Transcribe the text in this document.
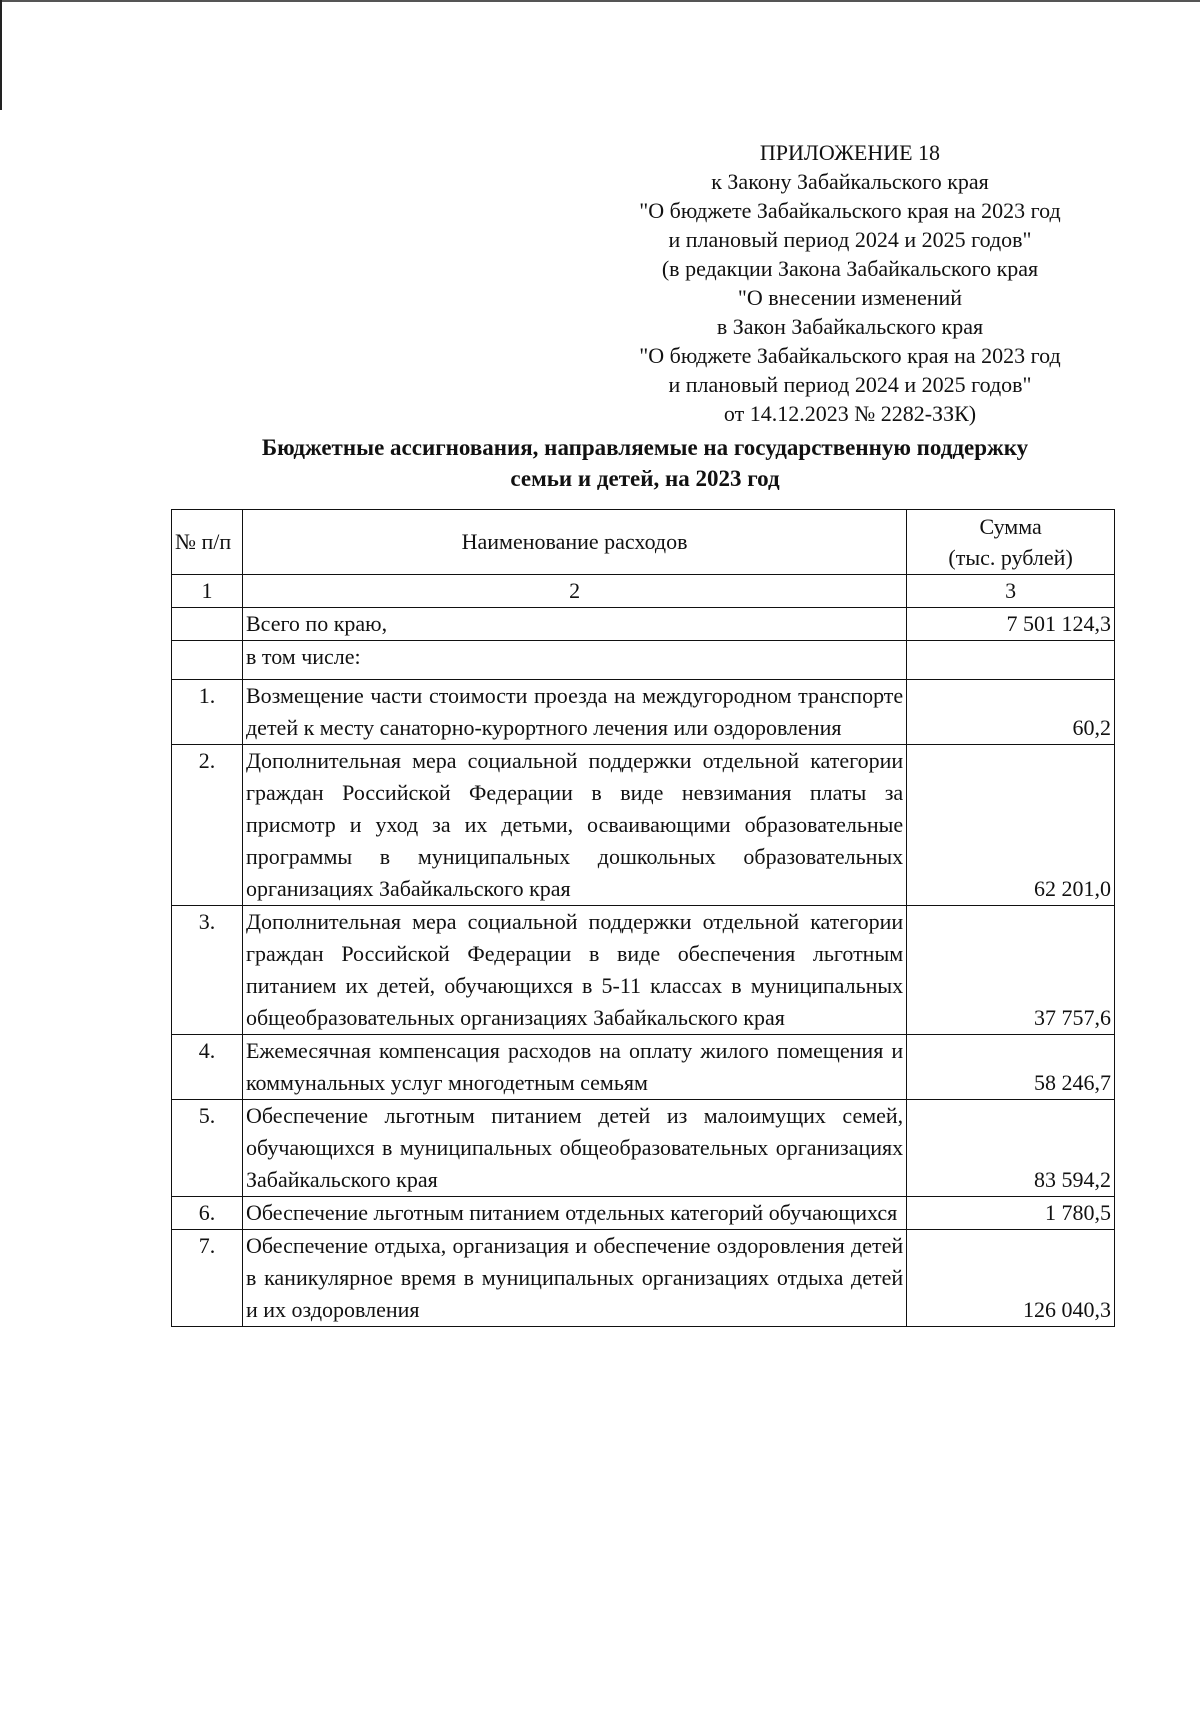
ПРИЛОЖЕНИЕ 18
к Закону Забайкальского края
"О бюджете Забайкальского края на 2023 год
и плановый период 2024 и 2025 годов"
(в редакции Закона Забайкальского края
"О внесении изменений
в Закон Забайкальского края
"О бюджете Забайкальского края на 2023 год
и плановый период 2024 и 2025 годов"
от 14.12.2023 № 2282-ЗЗК)
Бюджетные ассигнования, направляемые на государственную поддержку
семьи и детей, на 2023 год
№ п/п	Наименование расходов	Сумма
(тыс. рублей)

1	2	3
	Всего по краю,	7 501 124,3
	в том числе:	
1.	Возмещение части стоимости проезда на междугородном транспорте детей к месту санаторно-курортного лечения или оздоровления	60,2
2.	Дополнительная мера социальной поддержки отдельной категории граждан Российской Федерации в виде невзимания платы за присмотр и уход за их детьми, осваивающими образовательные программы в муниципальных дошкольных образовательных организациях Забайкальского края	62 201,0
3.	Дополнительная мера социальной поддержки отдельной категории граждан Российской Федерации в виде обеспечения льготным питанием их детей, обучающихся в 5-11 классах в муниципальных общеобразовательных организациях Забайкальского края	37 757,6
4.	Ежемесячная компенсация расходов на оплату жилого помещения и коммунальных услуг многодетным семьям	58 246,7
5.	Обеспечение льготным питанием детей из малоимущих семей, обучающихся в муниципальных общеобразовательных организациях Забайкальского края	83 594,2
6.	Обеспечение льготным питанием отдельных категорий обучающихся	1 780,5
7.	Обеспечение отдыха, организация и обеспечение оздоровления детей в каникулярное время в муниципальных организациях отдыха детей и их оздоровления	126 040,3
